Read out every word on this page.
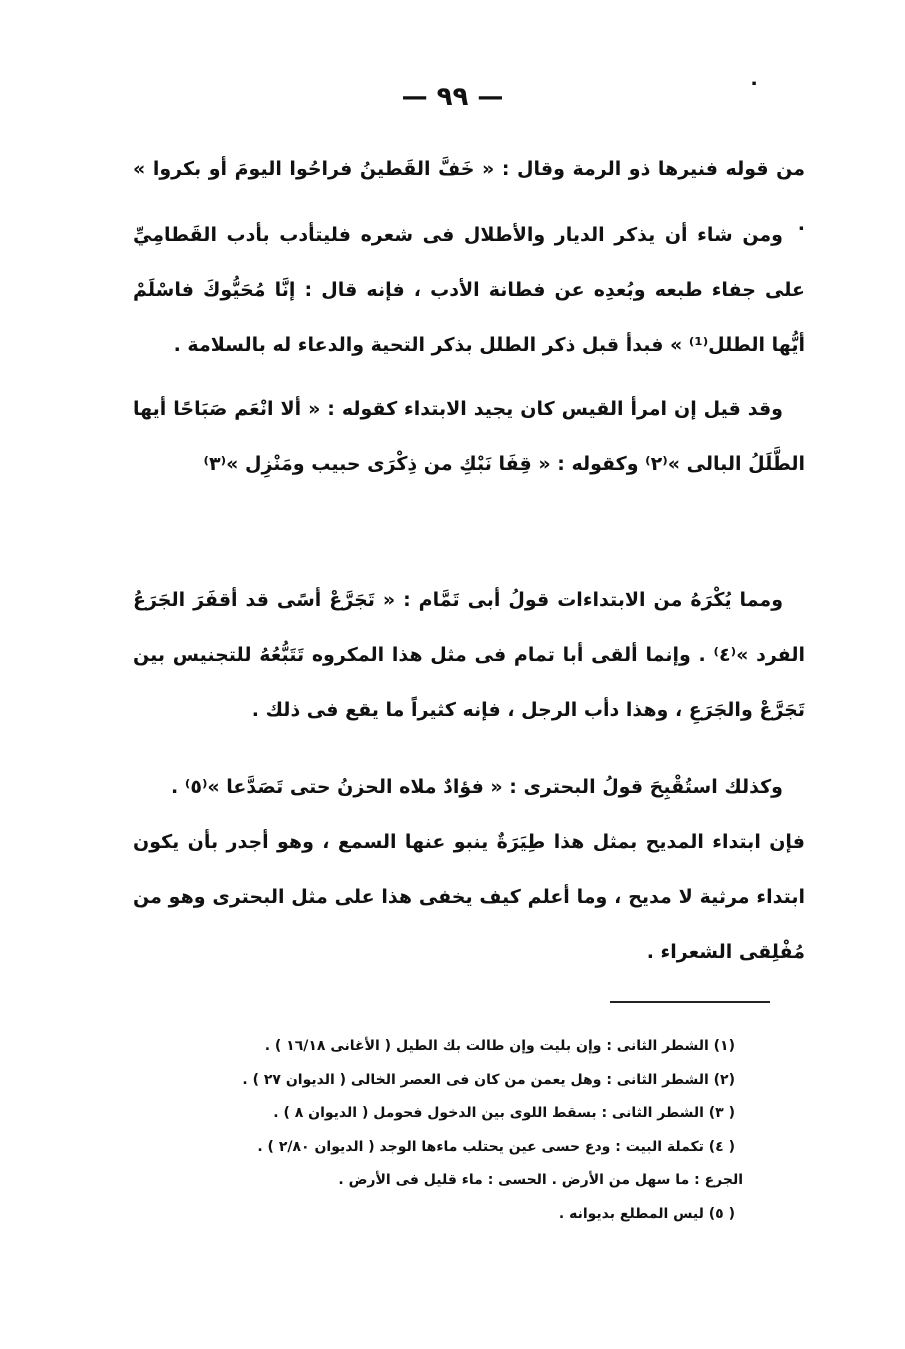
٠
— ٩٩ —

من قوله فنيرها ذو الرمة وقال : « خَفَّ القَطينُ فراحُوا اليومَ أو بكروا » .

ومن شاء أن يذكر الديار والأطلال فى شعره فليتأدب بأدب القَطامِيِّ على جفاء طبعه وبُعدِه عن فطانة الأدب ، فإنه قال : إنَّا مُحَيُّوكَ فاسْلَمْ أيُّها الطلل⁽¹⁾ » فبدأ قبل ذكر الطلل بذكر التحية والدعاء له بالسلامة .

وقد قيل إن امرأ القيس كان يجيد الابتداء كقوله : « ألا انْعَم صَبَاحًا أيها الطَّلَلُ البالى »⁽٢⁾ وكقوله : « قِفَا نَبْكِ من ذِكْرَى حبيب ومَنْزِل »⁽٣⁾

ومما يُكْرَهُ من الابتداءات قولُ أبى تَمَّام : « تَجَرَّعْ أسًى قد أقفَرَ الجَرَعُ الفرد »⁽٤⁾ . وإنما ألقى أبا تمام فى مثل هذا المكروه تَتَبُّعُهُ للتجنيس بين تَجَرَّعْ والجَرَعِ ، وهذا دأب الرجل ، فإنه كثيراً ما يقع فى ذلك .

وكذلك استُقْبِحَ قولُ البحترى : « فؤادٌ ملاه الحزنُ حتى تَصَدَّعا »⁽٥⁾ .

فإن ابتداء المديح بمثل هذا طِيَرَةٌ ينبو عنها السمع ، وهو أجدر بأن يكون ابتداء مرثية لا مديح ، وما أعلم كيف يخفى هذا على مثل البحترى وهو من مُفْلِقى الشعراء .

(١) الشطر الثانى : وإن بليت وإن طالت بك الطيل ( الأغانى ١٦/١٨ ) .
(٢) الشطر الثانى : وهل يعمن من كان فى العصر الخالى ( الديوان ٢٧ ) .
( ٣) الشطر الثانى : بسقط اللوى بين الدخول فحومل ( الديوان ٨ ) .
( ٤) تكملة البيت : ودع حسى عين يحتلب ماءها الوجد ( الديوان ٢/٨٠ ) .
الجرع : ما سهل من الأرض . الحسى : ماء قليل فى الأرض .
( ٥) ليس المطلع بديوانه .
